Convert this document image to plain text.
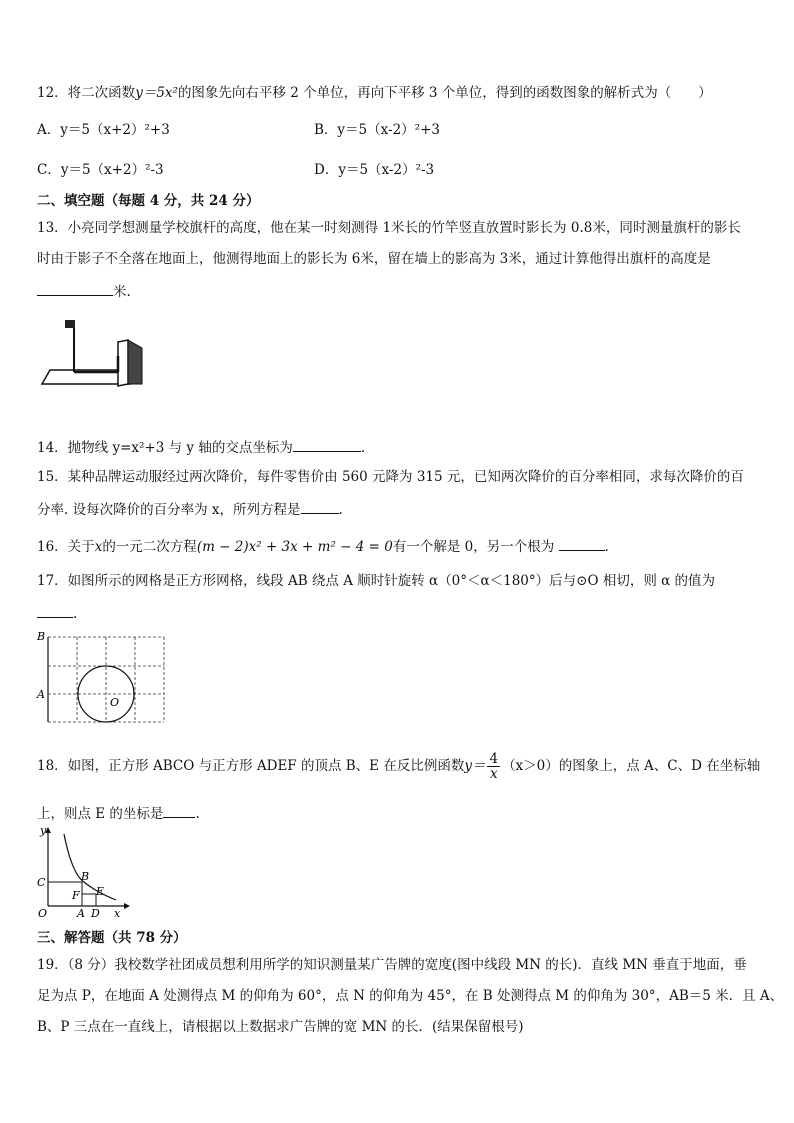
12．将二次函数y＝5x²的图象先向右平移 2 个单位，再向下平移 3 个单位，得到的函数图象的解析式为（　　）
A．y＝5（x+2）²+3	B．y＝5（x-2）²+3
C．y＝5（x+2）²-3	D．y＝5（x-2）²-3
二、填空题（每题 4 分，共 24 分）
13．小亮同学想测量学校旗杆的高度，他在某一时刻测得 1米长的竹竿竖直放置时影长为 0.8米，同时测量旗杆的影长
时由于影子不全落在地面上，他测得地面上的影长为 6米，留在墙上的影高为 3米，通过计算他得出旗杆的高度是
米.
14．抛物线 y=x²+3 与 y 轴的交点坐标为	.
15．某种品牌运动服经过两次降价，每件零售价由 560 元降为 315 元，已知两次降价的百分率相同，求每次降价的百
分率. 设每次降价的百分率为 x，所列方程是	.
16．关于x的一元二次方程(m − 2)x² + 3x + m² − 4 = 0有一个解是 0，另一个根为	.
17．如图所示的网格是正方形网格，线段 AB 绕点 A 顺时针旋转 α（0°＜α＜180°）后与⊙O 相切，则 α 的值为
.
B
A
O
18．如图，正方形 ABCO 与正方形 ADEF 的顶点 B、E 在反比例函数$y= \frac{4}{x} (x>0)$的图象上，点 A、C、D 在坐标轴
上，则点 E 的坐标是 .
y
C	B
F E
O	A D x
三、解答题（共 78 分）
19．（8 分）我校数学社团成员想利用所学的知识测量某广告牌的宽度(图中线段 MN 的长)．直线 MN 垂直于地面，垂
足为点 P，在地面 A 处测得点 M 的仰角为 60°，点 N 的仰角为 45°，在 B 处测得点 M 的仰角为 30°，AB＝5 米．且 A、
B、P 三点在一直线上，请根据以上数据求广告牌的宽 MN 的长．(结果保留根号)
